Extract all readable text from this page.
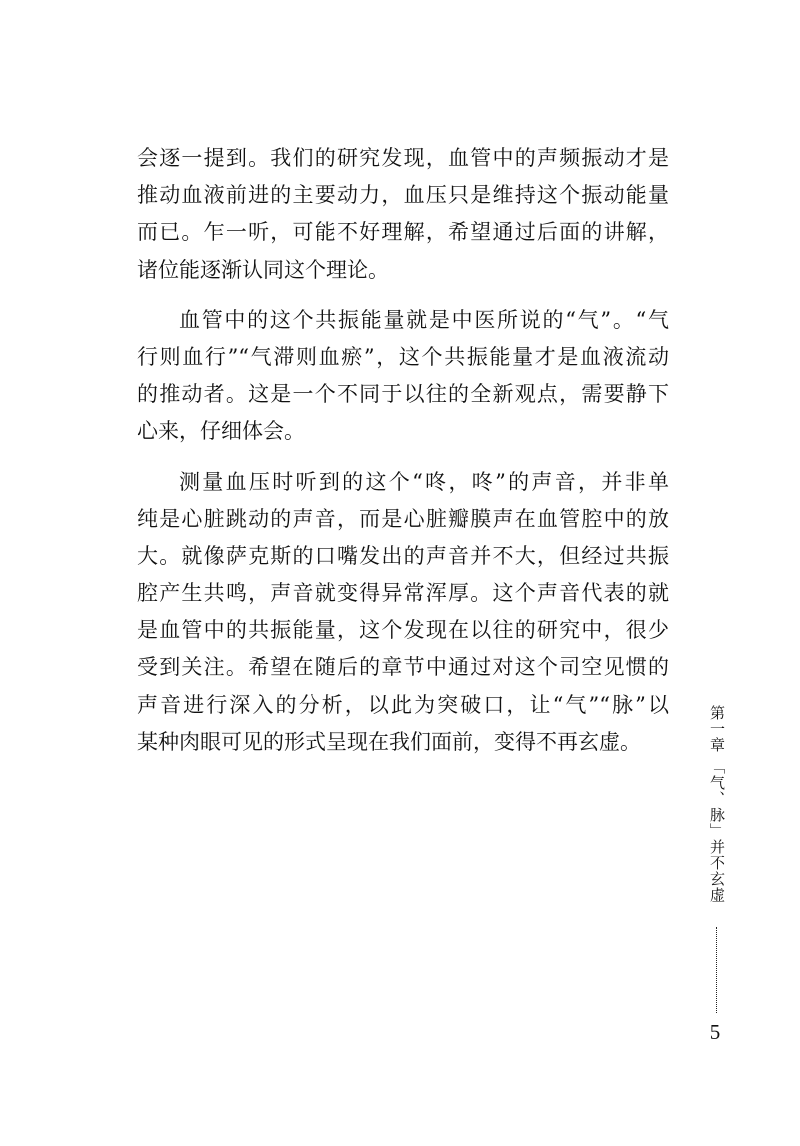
会逐一提到。我们的研究发现，血管中的声频振动才是
推动血液前进的主要动力，血压只是维持这个振动能量
而已。乍一听，可能不好理解，希望通过后面的讲解，
诸位能逐渐认同这个理论。
血管中的这个共振能量就是中医所说的“气”。“气
行则血行”“气滞则血瘀”，这个共振能量才是血液流动
的推动者。这是一个不同于以往的全新观点，需要静下
心来，仔细体会。
测量血压时听到的这个“咚，咚”的声音，并非单
纯是心脏跳动的声音，而是心脏瓣膜声在血管腔中的放
大。就像萨克斯的口嘴发出的声音并不大，但经过共振
腔产生共鸣，声音就变得异常浑厚。这个声音代表的就
是血管中的共振能量，这个发现在以往的研究中，很少
受到关注。希望在随后的章节中通过对这个司空见惯的
声音进行深入的分析，以此为突破口，让“气”“脉”以
某种肉眼可见的形式呈现在我们面前，变得不再玄虚。	第一章 「气、脉」并不玄虚
5
